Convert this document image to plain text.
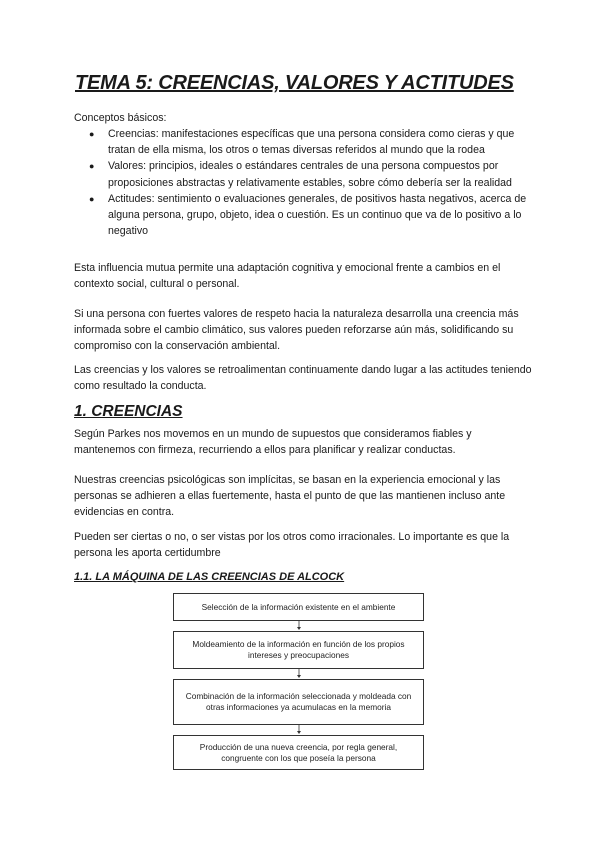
TEMA 5: CREENCIAS, VALORES Y ACTITUDES

Conceptos básicos:

● Creencias: manifestaciones específicas que una persona considera como cieras y que tratan de ella misma, los otros o temas diversas referidos al mundo que la rodea
● Valores: principios, ideales o estándares centrales de una persona compuestos por proposiciones abstractas y relativamente estables, sobre cómo debería ser la realidad
● Actitudes: sentimiento o evaluaciones generales, de positivos hasta negativos, acerca de alguna persona, grupo, objeto, idea o cuestión. Es un continuo que va de lo positivo a lo negativo

Esta influencia mutua permite una adaptación cognitiva y emocional frente a cambios en el contexto social, cultural o personal.

Si una persona con fuertes valores de respeto hacia la naturaleza desarrolla una creencia más informada sobre el cambio climático, sus valores pueden reforzarse aún más, solidificando su compromiso con la conservación ambiental.

Las creencias y los valores se retroalimentan continuamente dando lugar a las actitudes teniendo como resultado la conducta.

1. CREENCIAS

Según Parkes nos movemos en un mundo de supuestos que consideramos fiables y mantenemos con firmeza, recurriendo a ellos para planificar y realizar conductas.

Nuestras creencias psicológicas son implícitas, se basan en la experiencia emocional y las personas se adhieren a ellas fuertemente, hasta el punto de que las mantienen incluso ante evidencias en contra.

Pueden ser ciertas o no, o ser vistas por los otros como irracionales. Lo importante es que la persona les aporta certidumbre

1.1. LA MÁQUINA DE LAS CREENCIAS DE ALCOCK
Selección de la información existente en el ambiente
Moldeamiento de la información en función de los propios intereses y preocupaciones
Combinación de la información seleccionada y moldeada con otras informaciones ya acumulacas en la memoria
Producción de una nueva creencia, por regla general, congruente con los que poseía la persona
